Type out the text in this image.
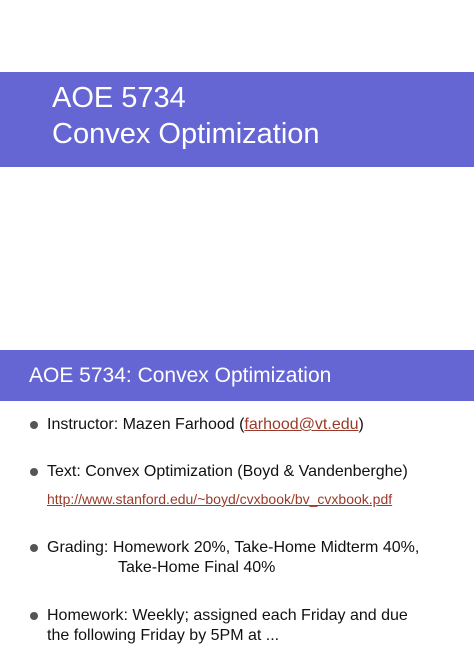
AOE 5734
Convex Optimization
AOE 5734: Convex Optimization
Instructor: Mazen Farhood (farhood@vt.edu)
Text: Convex Optimization (Boyd & Vandenberghe)
http://www.stanford.edu/~boyd/cvxbook/bv_cvxbook.pdf
Grading: Homework 20%, Take-Home Midterm 40%,
Take-Home Final 40%
Homework: Weekly; assigned each Friday and due
the following Friday by 5PM at ...
